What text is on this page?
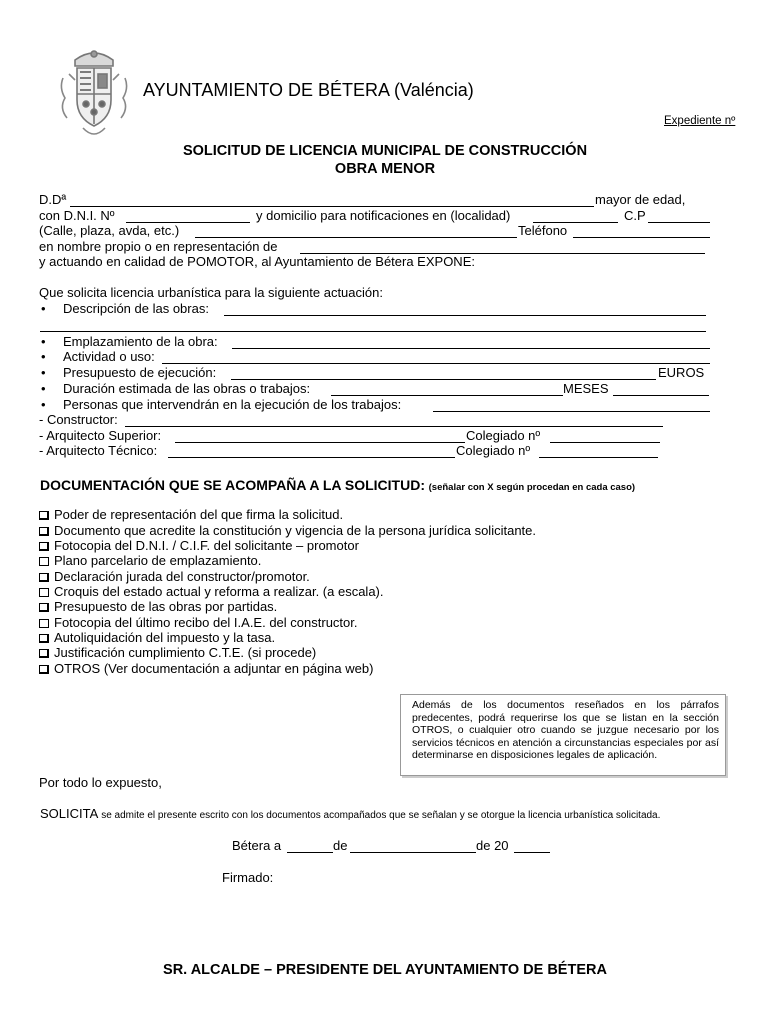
AYUNTAMIENTO DE BÉTERA (Valéncia)
Expediente nº
SOLICITUD DE LICENCIA MUNICIPAL DE CONSTRUCCIÓN
OBRA MENOR
D.Dª	mayor de edad,
con D.N.I. Nº	y domicilio para notificaciones en (localidad)	C.P
(Calle, plaza, avda, etc.)	Teléfono
en nombre propio o en representación de
y actuando en calidad de POMOTOR, al Ayuntamiento de Bétera EXPONE:
Que solicita licencia urbanística para la siguiente actuación:
• Descripción de las obras:
• Emplazamiento de la obra:
• Actividad o uso:
• Presupuesto de ejecución:	EUROS
• Duración estimada de las obras o trabajos:	MESES
• Personas que intervendrán en la ejecución de los trabajos:
- Constructor:
- Arquitecto Superior:	Colegiado nº
- Arquitecto Técnico:	Colegiado nº
DOCUMENTACIÓN QUE SE ACOMPAÑA A LA SOLICITUD: (señalar con X según procedan en cada caso)
Poder de representación del que firma la solicitud.
Documento que acredite la constitución y vigencia de la persona jurídica solicitante.
Fotocopia del D.N.I. / C.I.F. del solicitante – promotor
Plano parcelario de emplazamiento.
Declaración jurada del constructor/promotor.
Croquis del estado actual y reforma a realizar. (a escala).
Presupuesto de las obras por partidas.
Fotocopia del último recibo del I.A.E. del constructor.
Autoliquidación del impuesto y la tasa.
Justificación cumplimiento C.T.E. (si procede)
OTROS (Ver documentación a adjuntar en página web)
Además de los documentos reseñados en los párrafos predecentes, podrá requerirse los que se listan en la sección OTROS, o cualquier otro cuando se juzgue necesario por los servicios técnicos en atención a circunstancias especiales por así determinarse en disposiciones legales de aplicación.
Por todo lo expuesto,
SOLICITA se admite el presente escrito con los documentos acompañados que se señalan y se otorgue la licencia urbanística solicitada.
Bétera a	de	de 20
Firmado:
SR. ALCALDE – PRESIDENTE DEL AYUNTAMIENTO DE BÉTERA
